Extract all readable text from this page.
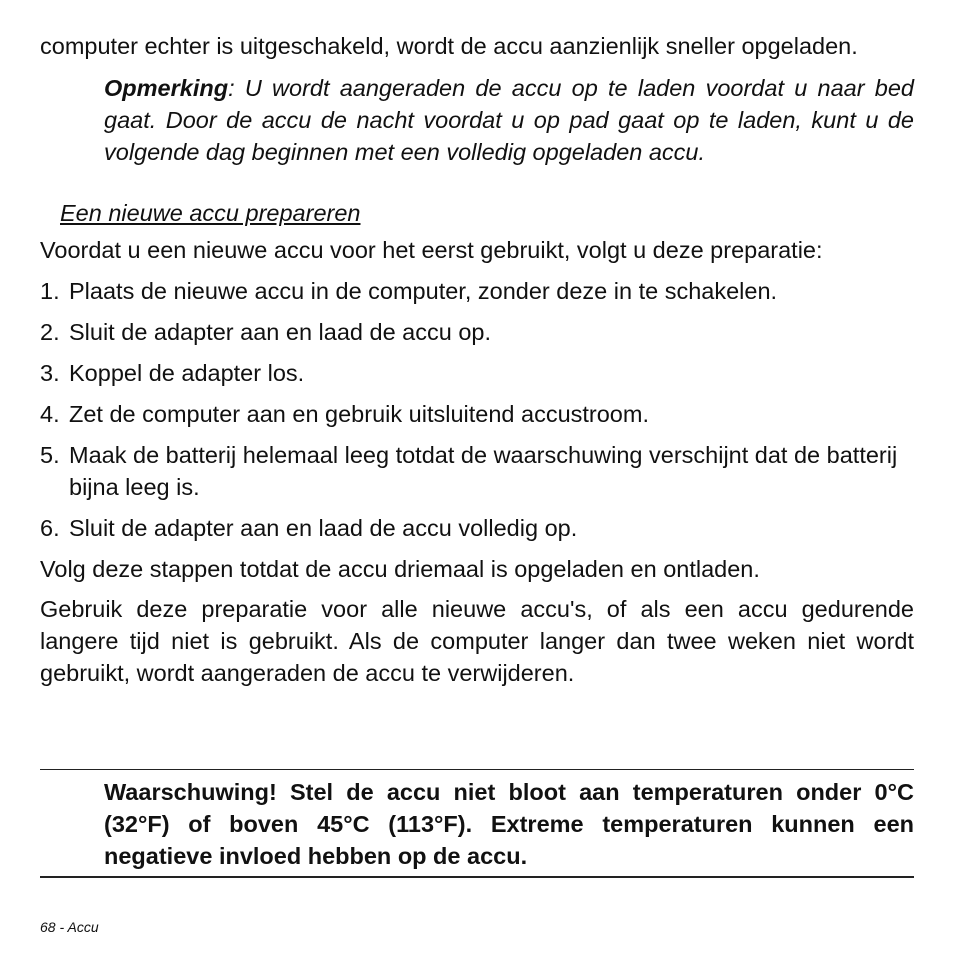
computer echter is uitgeschakeld, wordt de accu aanzienlijk sneller opgeladen.

Opmerking: U wordt aangeraden de accu op te laden voordat u naar bed gaat. Door de accu de nacht voordat u op pad gaat op te laden, kunt u de volgende dag beginnen met een volledig opgeladen accu.

Een nieuwe accu prepareren

Voordat u een nieuwe accu voor het eerst gebruikt, volgt u deze preparatie:

1. Plaats de nieuwe accu in de computer, zonder deze in te schakelen.
2. Sluit de adapter aan en laad de accu op.
3. Koppel de adapter los.
4. Zet de computer aan en gebruik uitsluitend accustroom.
5. Maak de batterij helemaal leeg totdat de waarschuwing verschijnt dat de batterij bijna leeg is.
6. Sluit de adapter aan en laad de accu volledig op.

Volg deze stappen totdat de accu driemaal is opgeladen en ontladen.

Gebruik deze preparatie voor alle nieuwe accu's, of als een accu gedurende langere tijd niet is gebruikt. Als de computer langer dan twee weken niet wordt gebruikt, wordt aangeraden de accu te verwijderen.

Waarschuwing! Stel de accu niet bloot aan temperaturen onder 0°C (32°F) of boven 45°C (113°F). Extreme temperaturen kunnen een negatieve invloed hebben op de accu.

68 - Accu
